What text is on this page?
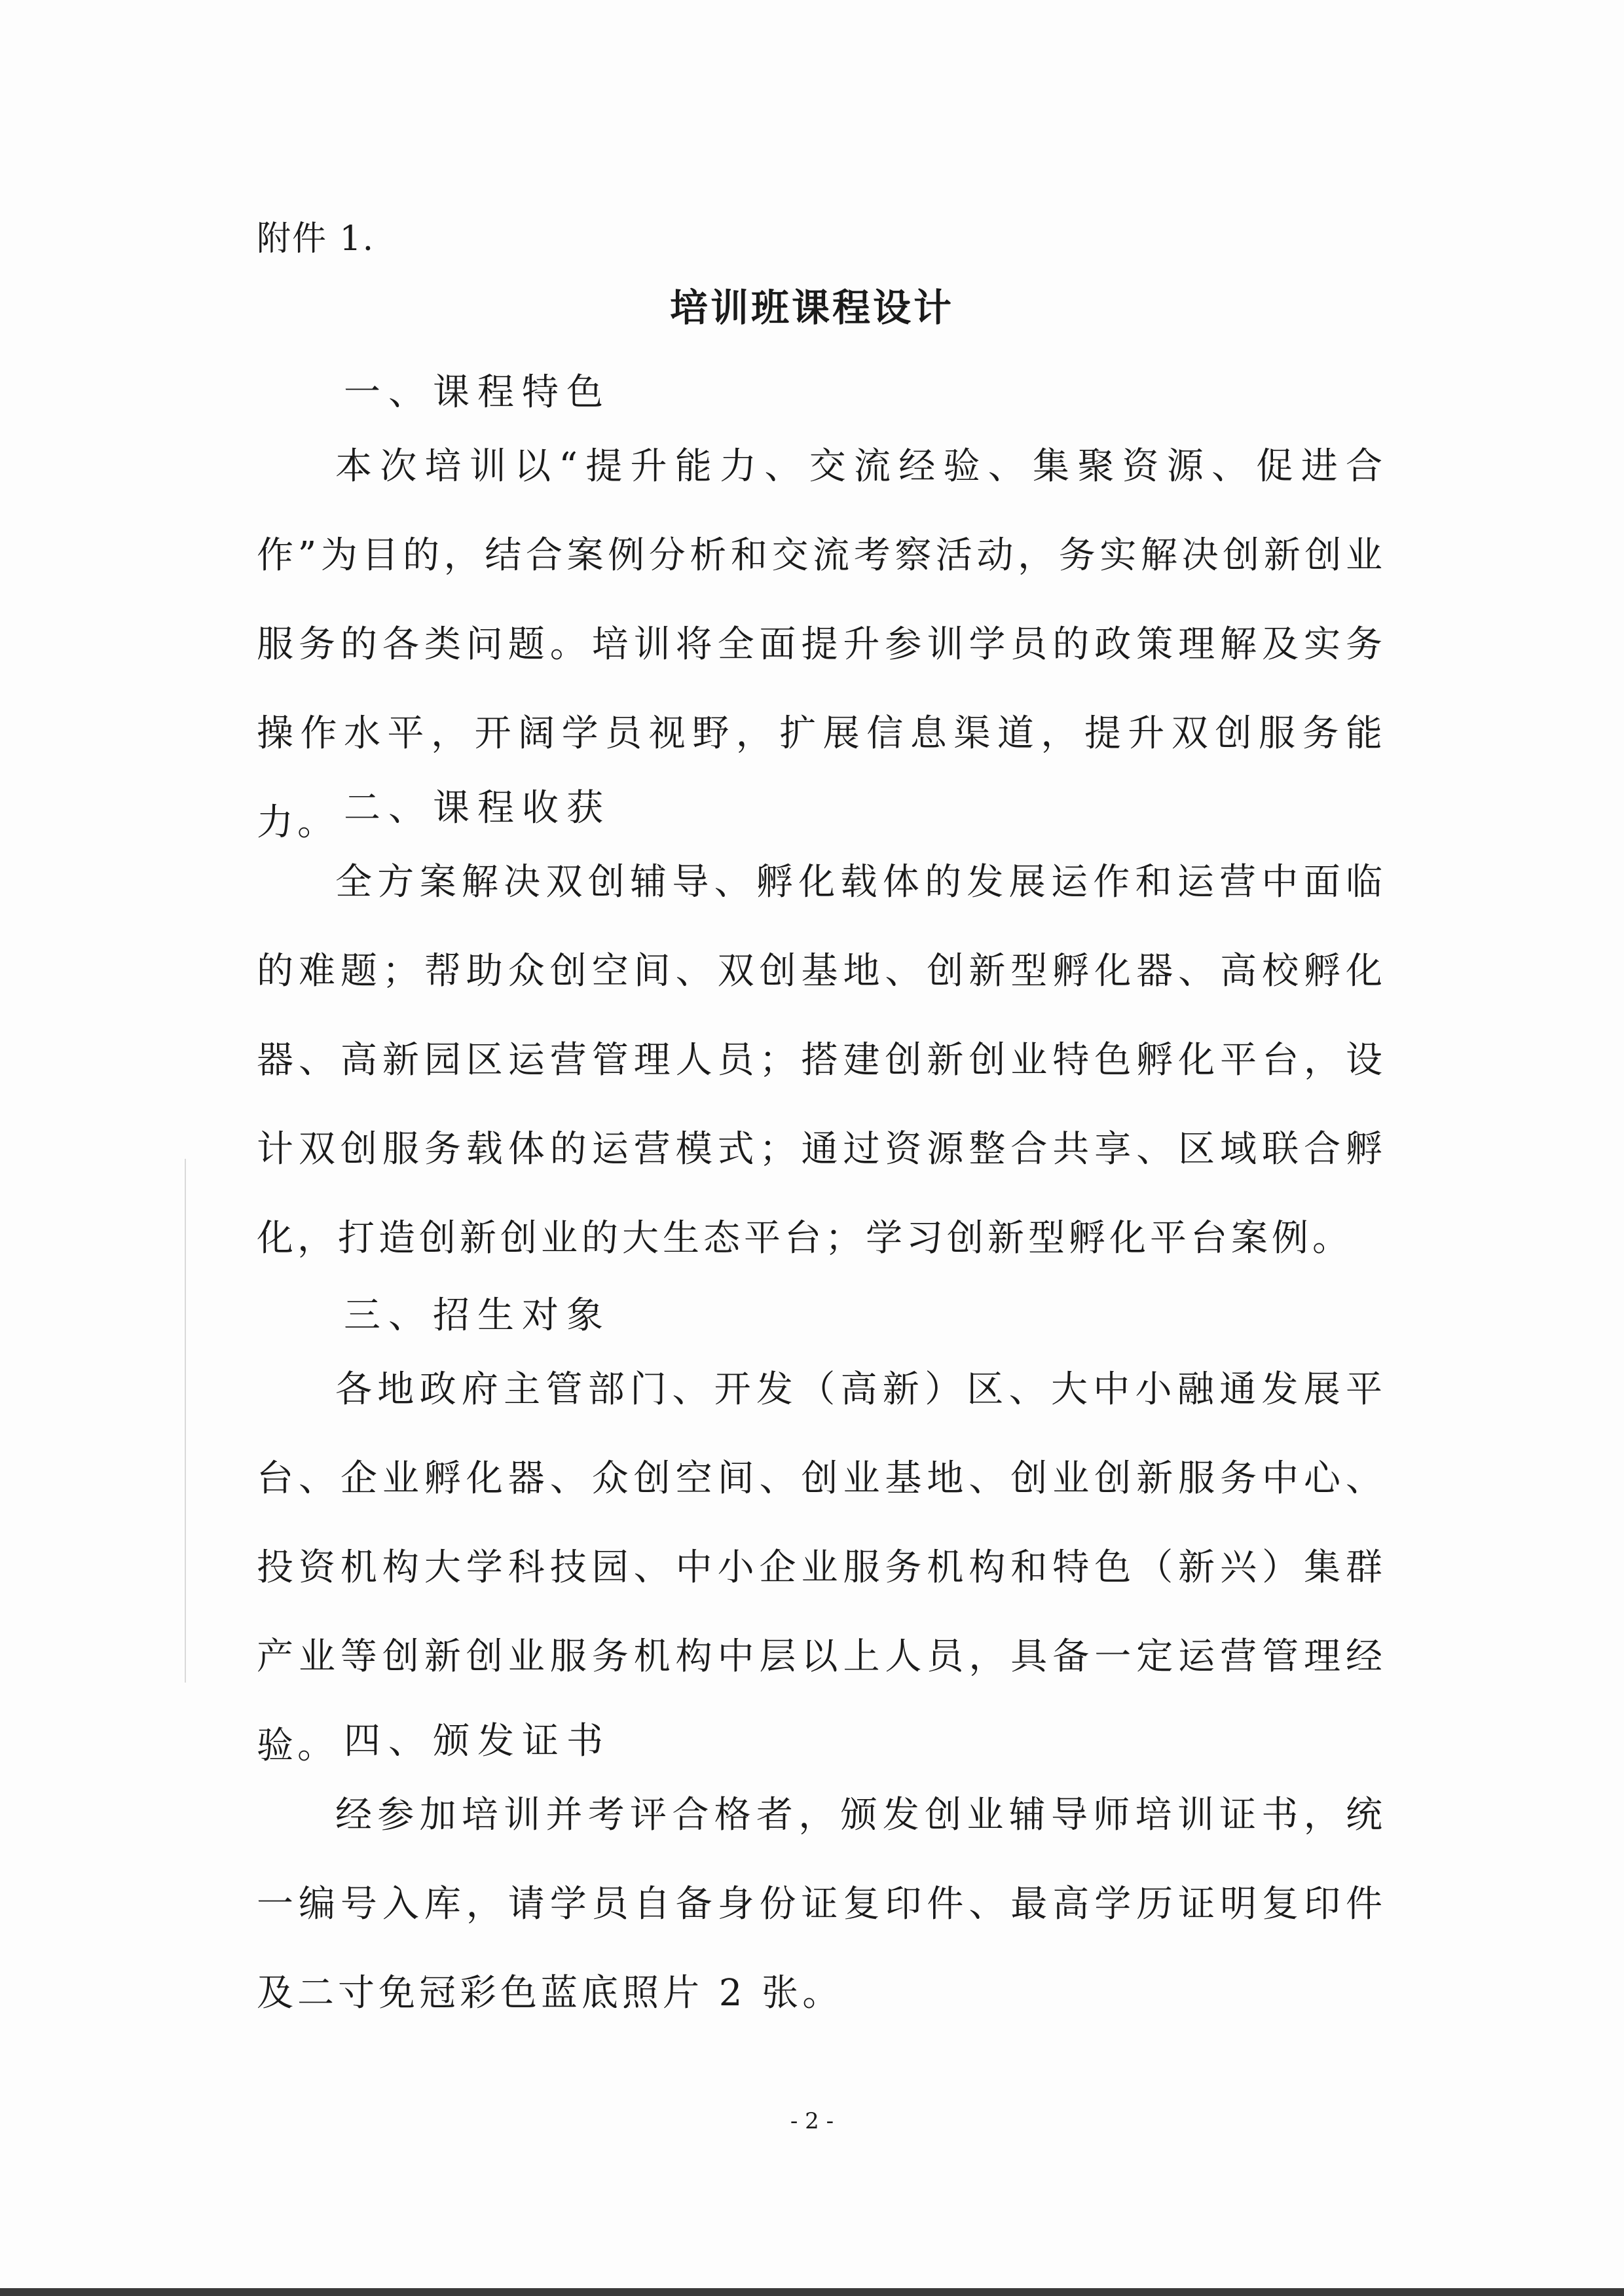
附件 1.
培训班课程设计
一、课程特色

本次培训以“提升能力、交流经验、集聚资源、促进合作”为目的，结合案例分析和交流考察活动，务实解决创新创业服务的各类问题。培训将全面提升参训学员的政策理解及实务操作水平，开阔学员视野，扩展信息渠道，提升双创服务能力。 二、课程收获

全方案解决双创辅导、孵化载体的发展运作和运营中面临的难题；帮助众创空间、双创基地、创新型孵化器、高校孵化器、高新园区运营管理人员；搭建创新创业特色孵化平台，设计双创服务载体的运营模式；通过资源整合共享、区域联合孵化，打造创新创业的大生态平台；学习创新型孵化平台案例。

三、招生对象

各地政府主管部门、开发（高新）区、大中小融通发展平台、企业孵化器、众创空间、创业基地、创业创新服务中心、投资机构大学科技园、中小企业服务机构和特色（新兴）集群产业等创新创业服务机构中层以上人员，具备一定运营管理经验。 四、颁发证书

经参加培训并考评合格者，颁发创业辅导师培训证书，统一编号入库，请学员自备身份证复印件、最高学历证明复印件及二寸免冠彩色蓝底照片 2 张。

- 2 -
